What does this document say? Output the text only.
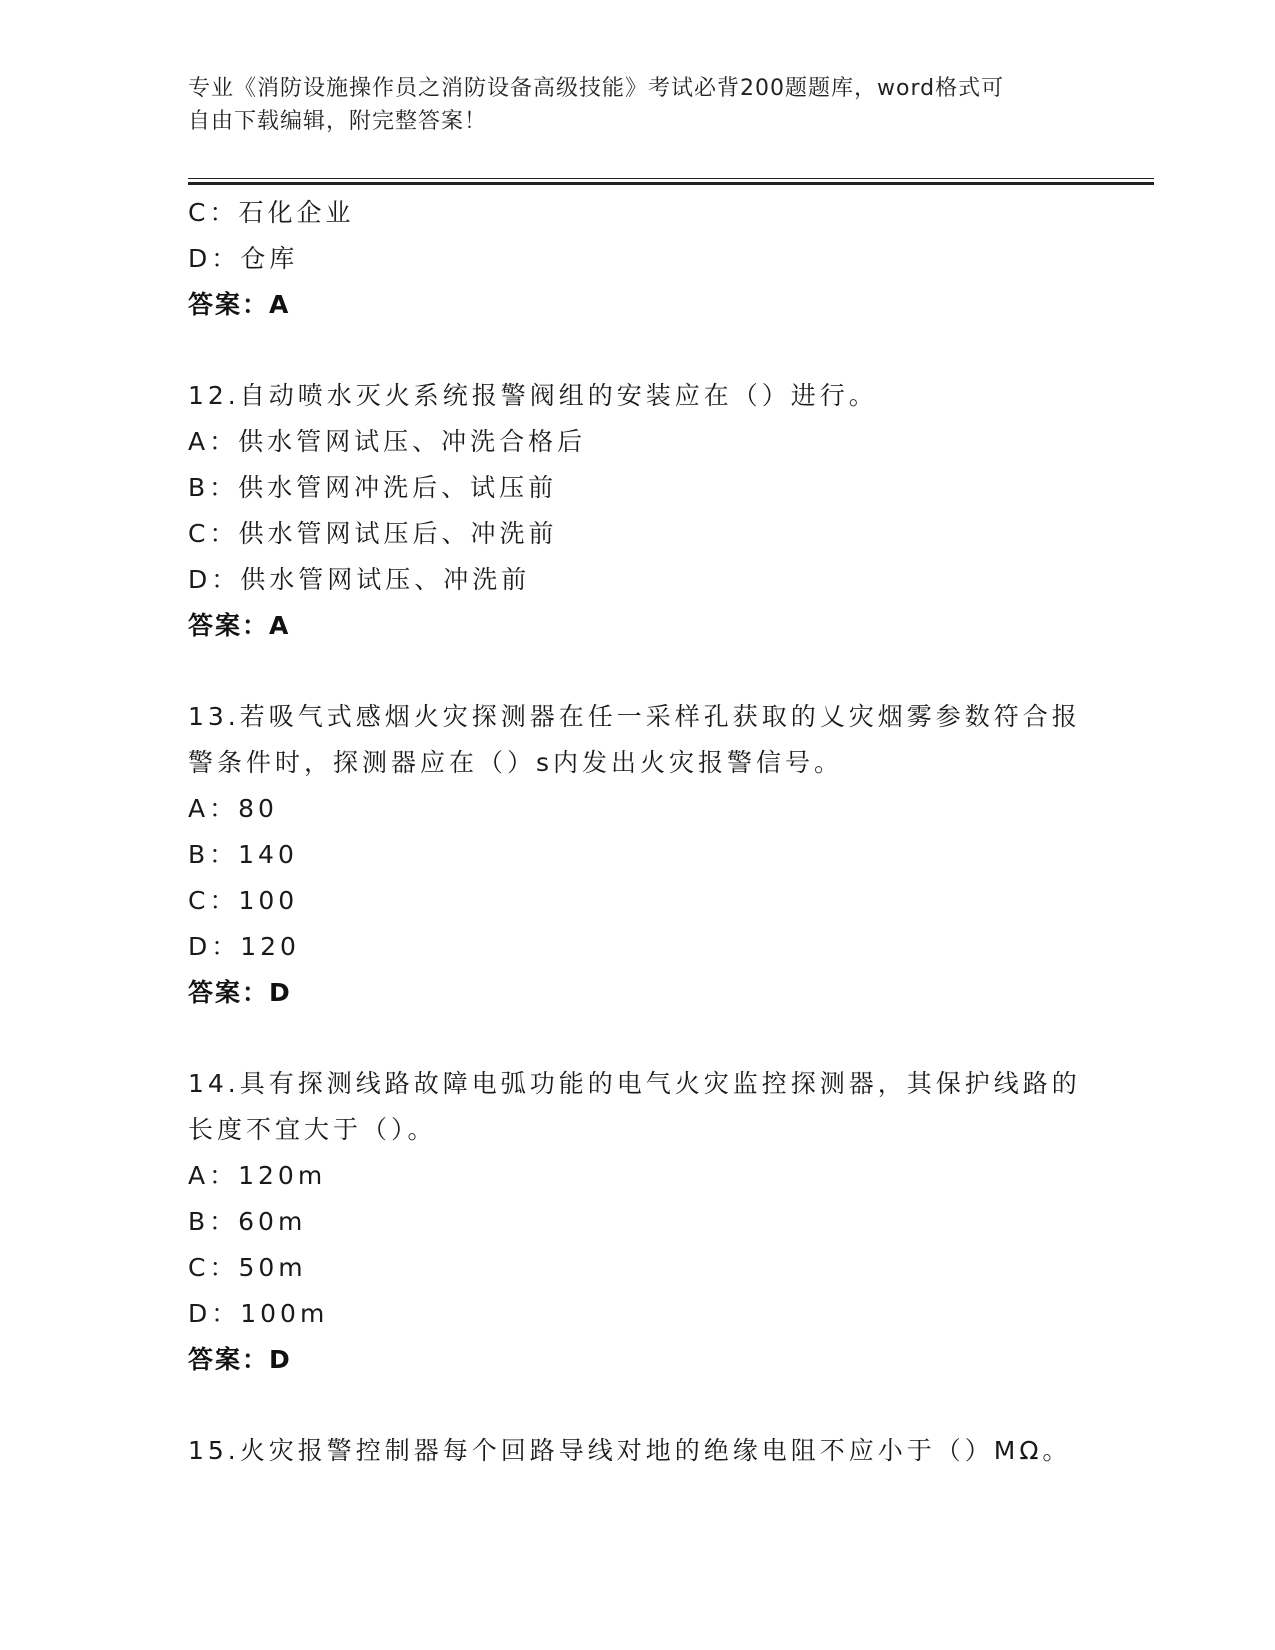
专业《消防设施操作员之消防设备高级技能》考试必背200题题库，word格式可
自由下载编辑，附完整答案！
C：石化企业
D：仓库
答案：A
12.自动喷水灭火系统报警阀组的安装应在（）进行。
A：供水管网试压、冲洗合格后
B：供水管网冲洗后、试压前
C：供水管网试压后、冲洗前
D：供水管网试压、冲洗前
答案：A
13.若吸气式感烟火灾探测器在任一采样孔获取的乂灾烟雾参数符合报
警条件时，探测器应在（）s内发出火灾报警信号。
A：80
B：140
C：100
D：120
答案：D
14.具有探测线路故障电弧功能的电气火灾监控探测器，其保护线路的
长度不宜大于（）。
A：120m
B：60m
C：50m
D：100m
答案：D
15.火灾报警控制器每个回路导线对地的绝缘电阻不应小于（）MΩ。
